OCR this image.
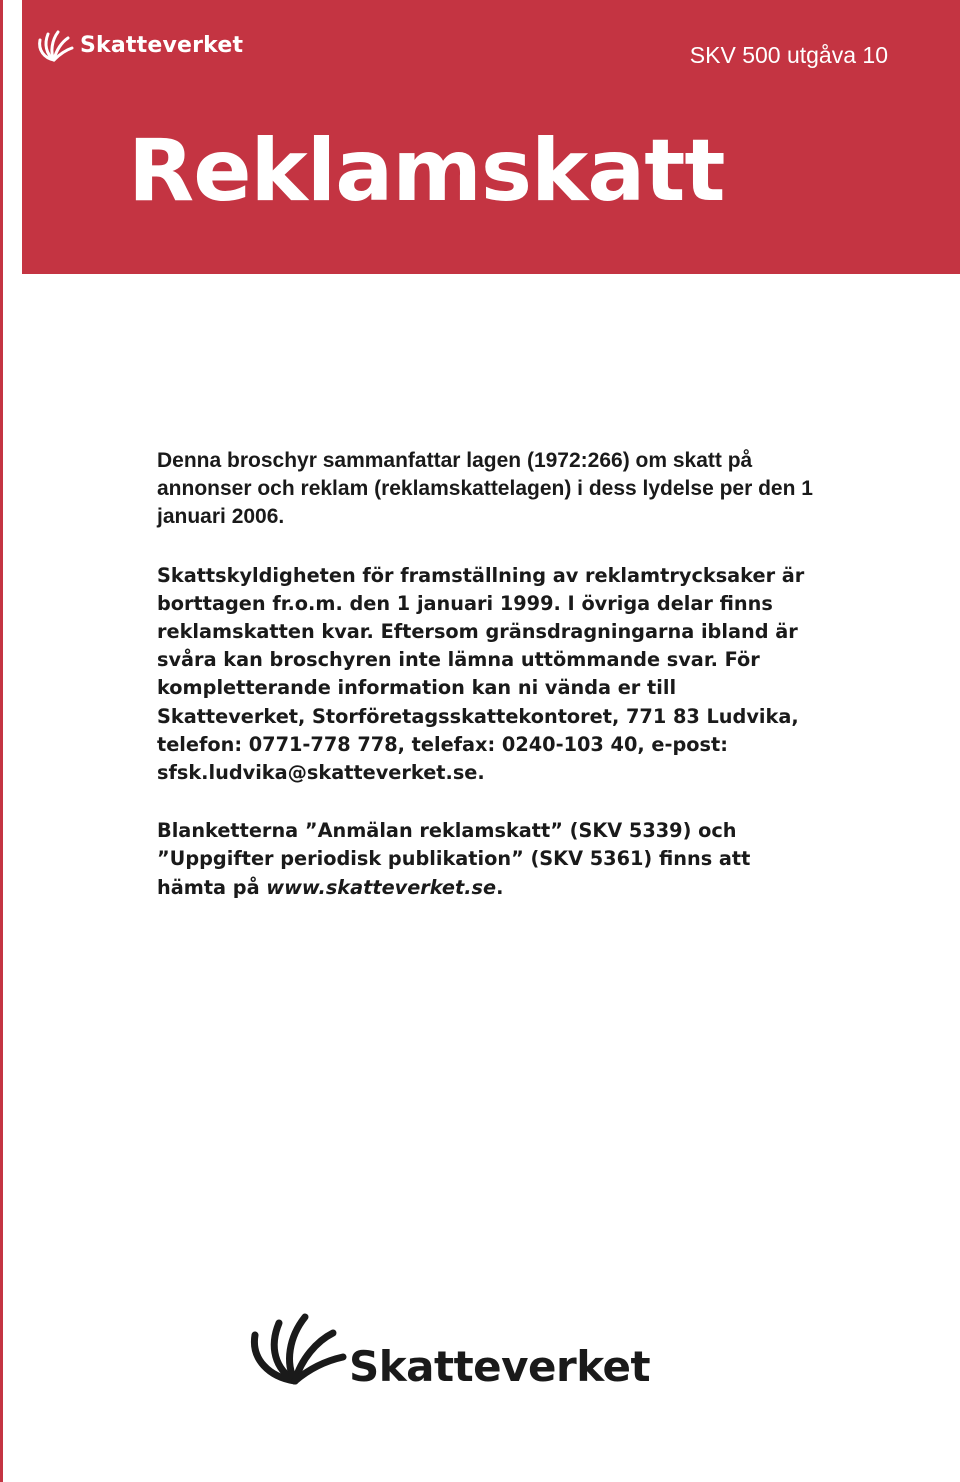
Skatteverket	SKV 500 utgåva 10
Reklamskatt

Denna broschyr sammanfattar lagen (1972:266) om skatt på annonser och reklam (reklamskattelagen) i dess lydelse per den 1 januari 2006.

Skattskyldigheten för framställning av reklamtrycksaker är borttagen fr.o.m. den 1 januari 1999. I övriga delar finns reklamskatten kvar. Eftersom gränsdragningarna ibland är svåra kan broschyren inte lämna uttömmande svar. För kompletterande information kan ni vända er till Skatteverket, Storföretagsskattekontoret, 771 83 Ludvika, telefon: 0771-778 778, telefax: 0240-103 40, e-post: sfsk.ludvika@skatteverket.se.

Blanketterna ”Anmälan reklamskatt” (SKV 5339) och ”Uppgifter periodisk publikation” (SKV 5361) finns att hämta på www.skatteverket.se.

Skatteverket
